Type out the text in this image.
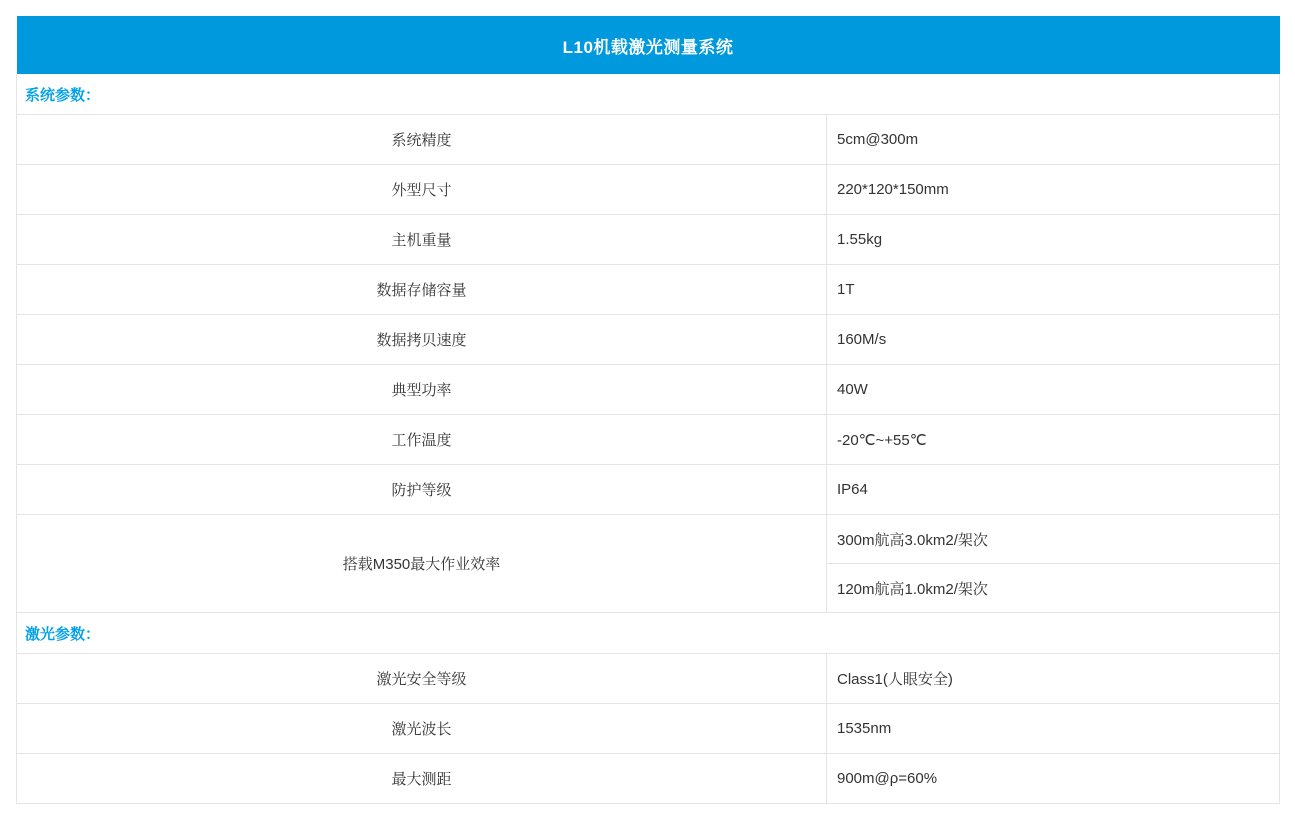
L10机载激光测量系统	
系统参数：	
系统精度	5cm@300m
外型尺寸	220*120*150mm
主机重量	1.55kg
数据存储容量	1T
数据拷贝速度	160M/s
典型功率	40W
工作温度	-20℃~+55℃
防护等级	IP64
搭载M350最大作业效率	300m航高3.0km2/架次
	120m航高1.0km2/架次
激光参数：	
激光安全等级	Class1(人眼安全)
激光波长	1535nm
最大测距	900m@ρ=60%
